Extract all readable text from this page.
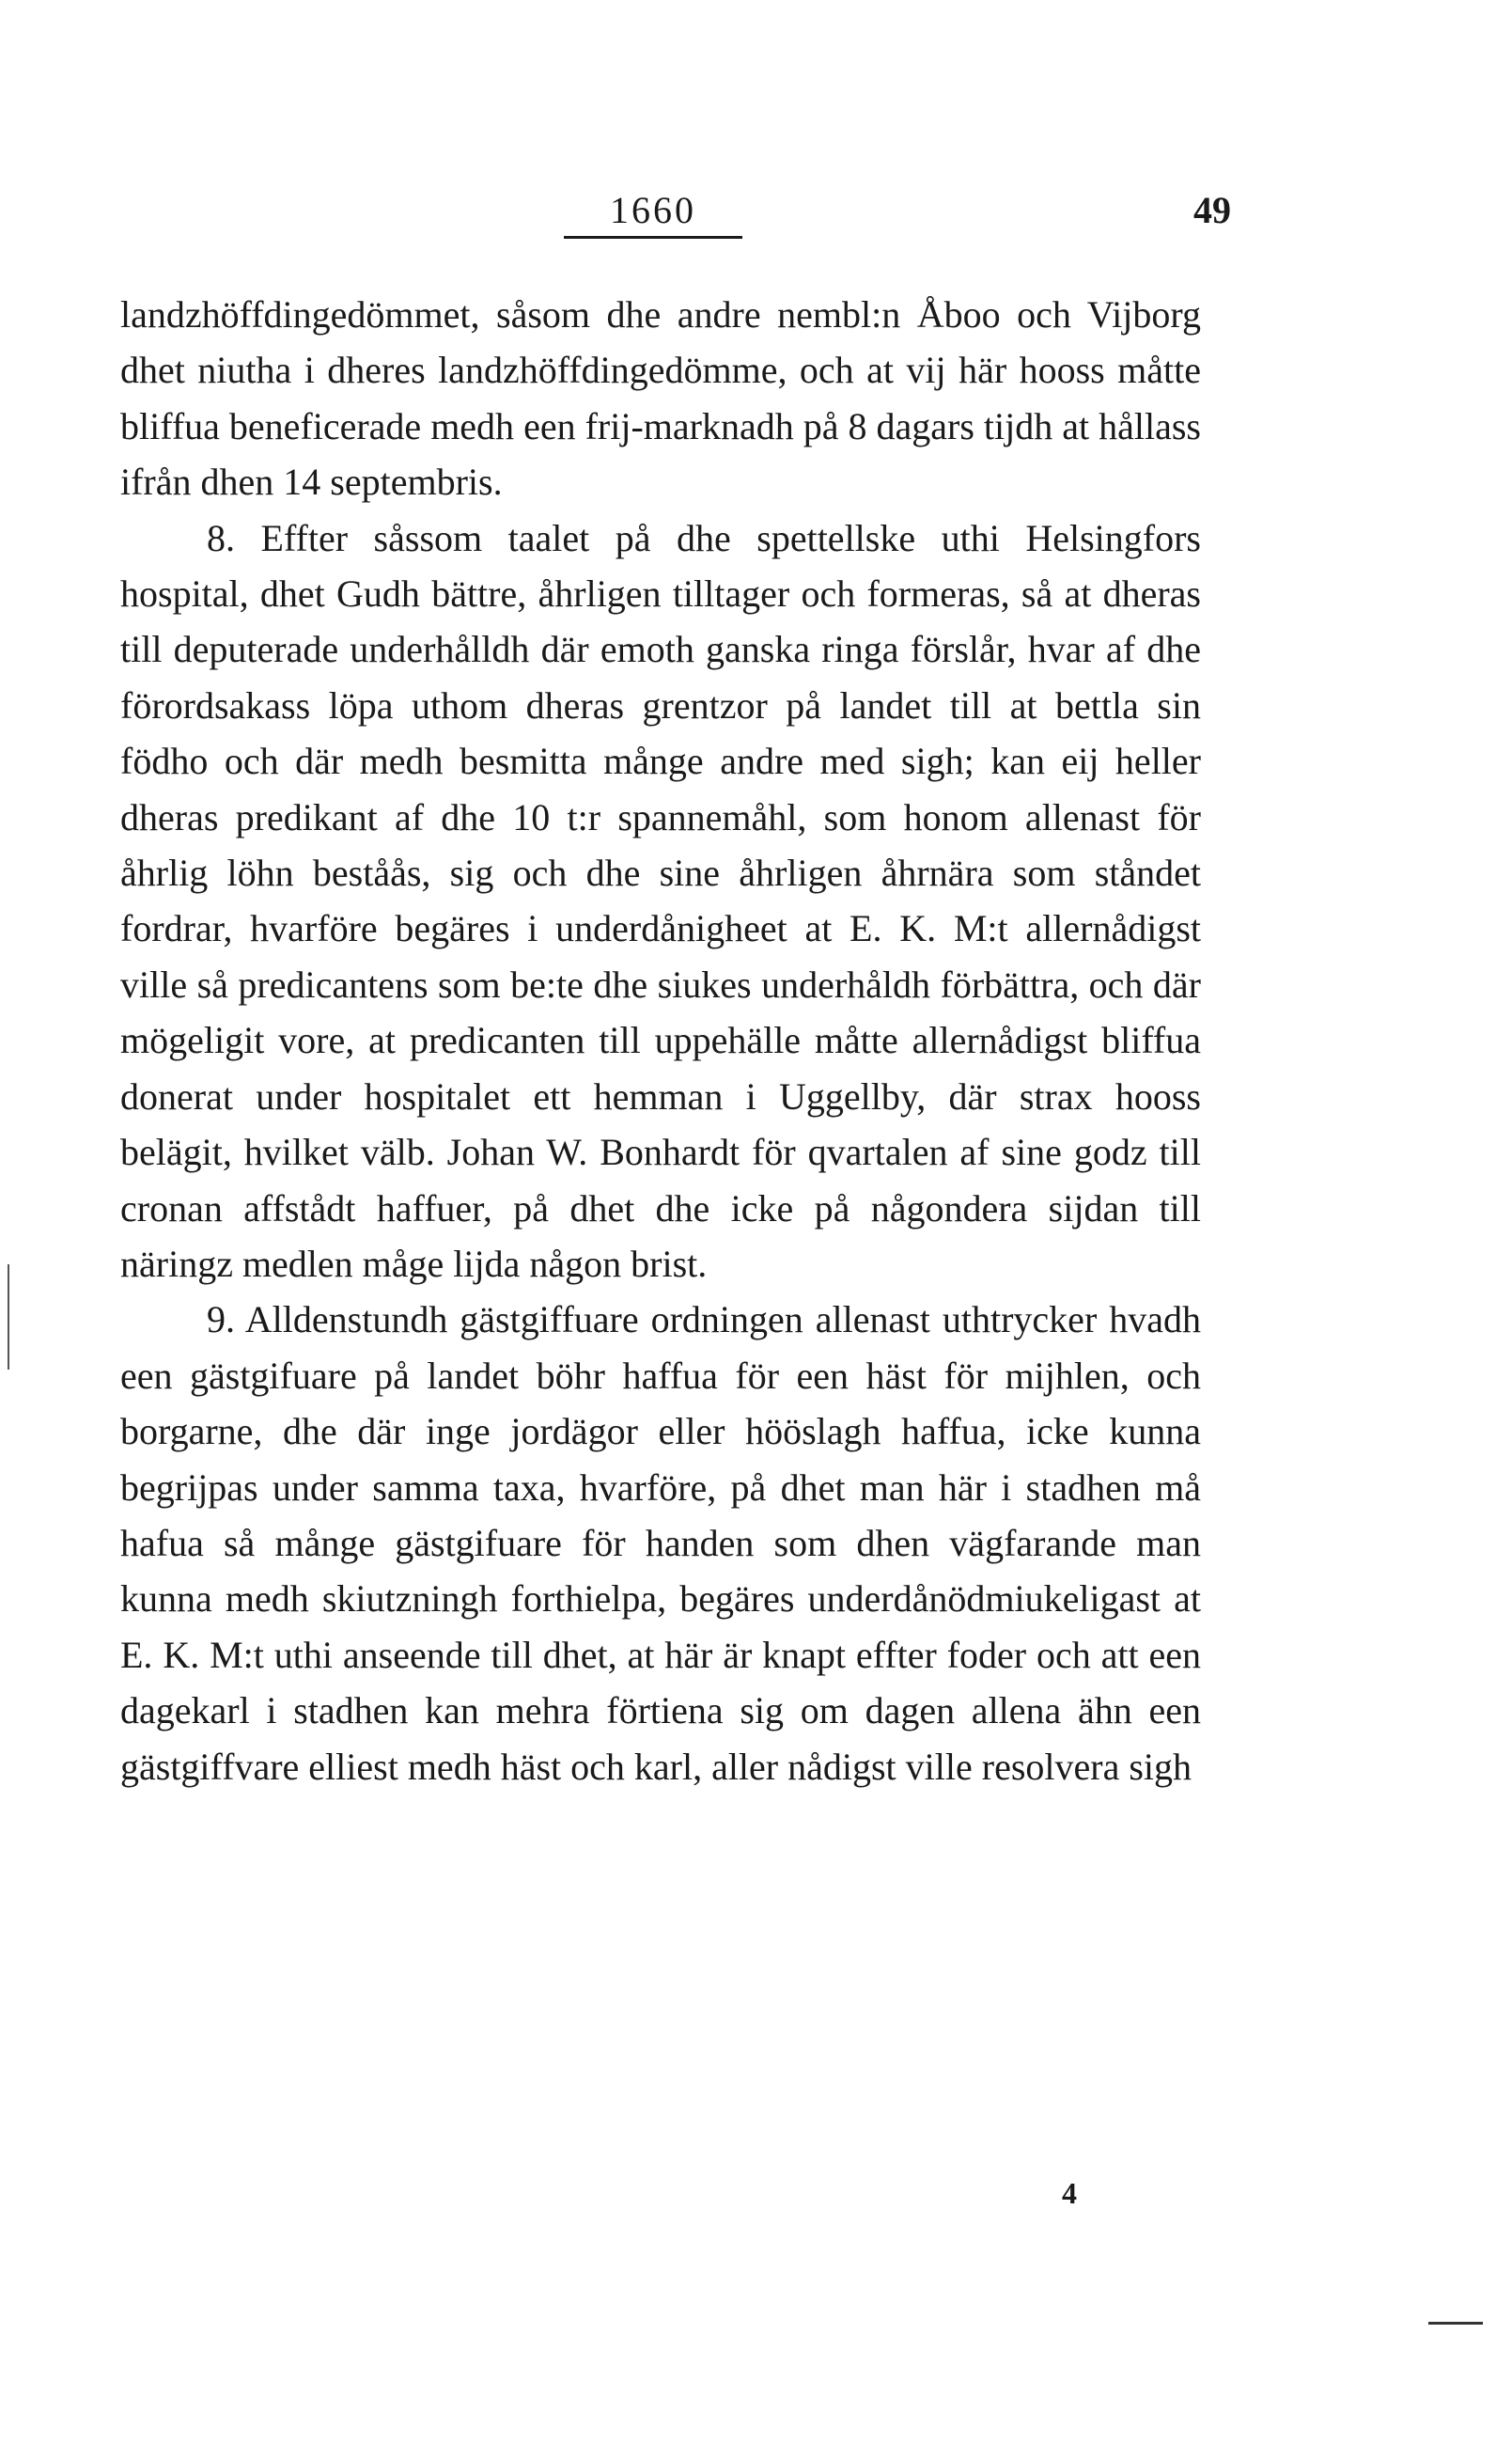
1660	49

landzhöffdingedömmet, såsom dhe andre nembl:n Åboo och Vijborg dhet niutha i dheres landzhöffdingedömme, och at vij här hooss måtte bliffua beneficerade medh een frij-marknadh på 8 dagars tijdh at hållass ifrån dhen 14 septembris.

8. Effter såssom taalet på dhe spettellske uthi Helsingfors hospital, dhet Gudh bättre, åhrligen tilltager och formeras, så at dheras till deputerade underhålldh där emoth ganska ringa förslår, hvar af dhe förordsakass löpa uthom dheras grentzor på landet till at bettla sin födho och där medh besmitta månge andre med sigh; kan eij heller dheras predikant af dhe 10 t:r spannemåhl, som honom allenast för åhrlig löhn beståås, sig och dhe sine åhrligen åhrnära som ståndet fordrar, hvarföre begäres i underdånigheet at E. K. M:t allernådigst ville så predicantens som be:te dhe siukes underhåldh förbättra, och där mögeligit vore, at predicanten till uppehälle måtte allernådigst bliffua donerat under hospitalet ett hemman i Uggellby, där strax hooss belägit, hvilket välb. Johan W. Bonhardt för qvartalen af sine godz till cronan affstådt haffuer, på dhet dhe icke på någondera sijdan till näringz medlen måge lijda någon brist.

9. Alldenstundh gästgiffuare ordningen allenast uthtrycker hvadh een gästgifuare på landet böhr haffua för een häst för mijhlen, och borgarne, dhe där inge jordägor eller hööslagh haffua, icke kunna begrijpas under samma taxa, hvarföre, på dhet man här i stadhen må hafua så månge gästgifuare för handen som dhen vägfarande man kunna medh skiutzningh forthielpa, begäres underdånödmiukeligast at E. K. M:t uthi anseende till dhet, at här är knapt effter foder och att een dagekarl i stadhen kan mehra förtiena sig om dagen allena ähn een gästgiffvare elliest medh häst och karl, aller nådigst ville resolvera sigh

4
